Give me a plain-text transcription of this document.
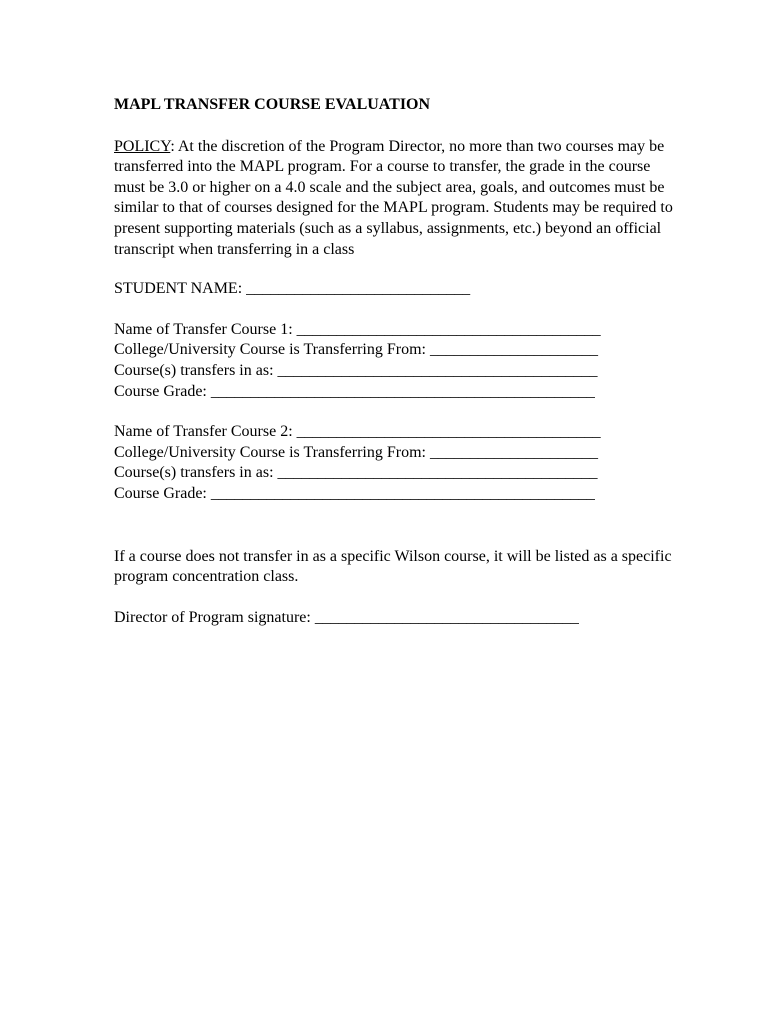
MAPL TRANSFER COURSE EVALUATION

POLICY: At the discretion of the Program Director, no more than two courses may be transferred into the MAPL program. For a course to transfer, the grade in the course must be 3.0 or higher on a 4.0 scale and the subject area, goals, and outcomes must be similar to that of courses designed for the MAPL program. Students may be required to present supporting materials (such as a syllabus, assignments, etc.) beyond an official transcript when transferring in a class

STUDENT NAME: ____________________________

Name of Transfer Course 1: ______________________________________
College/University Course is Transferring From: _____________________
Course(s) transfers in as: ________________________________________
Course Grade: ________________________________________________
Name of Transfer Course 2: ______________________________________
College/University Course is Transferring From: _____________________
Course(s) transfers in as: ________________________________________
Course Grade: ________________________________________________

If a course does not transfer in as a specific Wilson course, it will be listed as a specific program concentration class.

Director of Program signature: _________________________________
